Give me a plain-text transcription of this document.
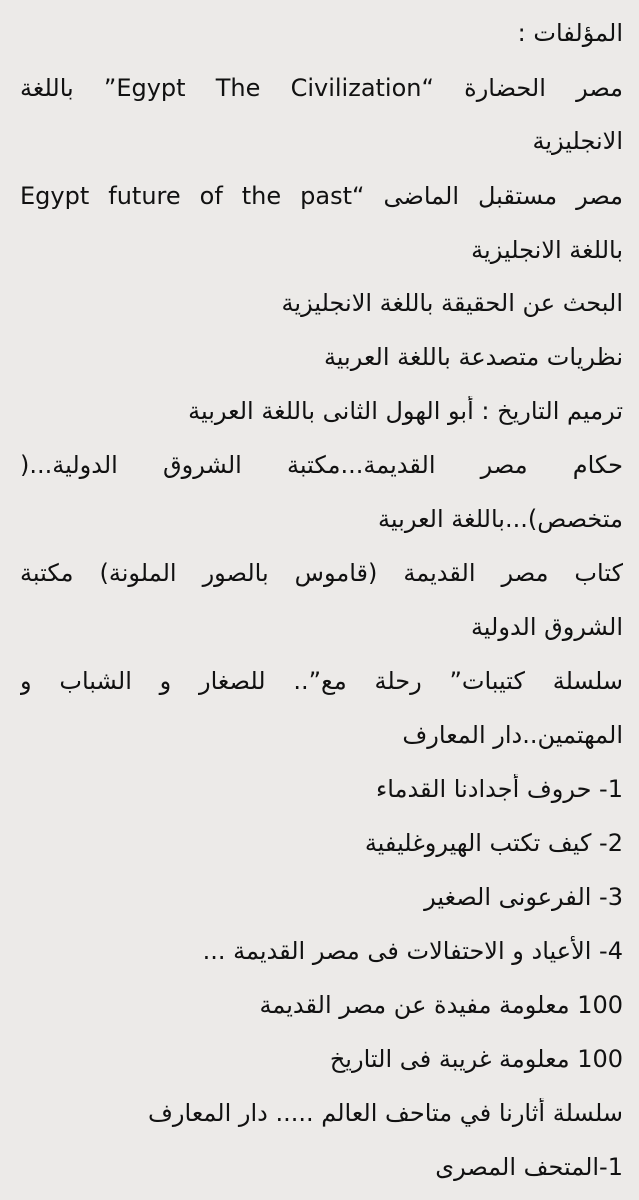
المؤلفات :
مصر الحضارة “Egypt The Civilization” باللغة
الانجليزية
مصر مستقبل الماضى “Egypt future of the past
باللغة الانجليزية
البحث عن الحقيقة باللغة الانجليزية
نظريات متصدعة باللغة العربية
ترميم التاريخ : أبو الهول الثانى باللغة العربية
حكام مصر القديمة...مكتبة الشروق الدولية...(
متخصص)...باللغة العربية
كتاب مصر القديمة (قاموس بالصور الملونة) مكتبة
الشروق الدولية
سلسلة كتيبات” رحلة مع”.. للصغار و الشباب و
المهتمين..دار المعارف
1- حروف أجدادنا القدماء
2- كيف تكتب الهيروغليفية
3- الفرعونى الصغير
4- الأعياد و الاحتفالات فى مصر القديمة ...
100 معلومة مفيدة عن مصر القديمة
100 معلومة غريبة فى التاريخ
سلسلة أثارنا في متاحف العالم ..... دار المعارف
1-المتحف المصرى
